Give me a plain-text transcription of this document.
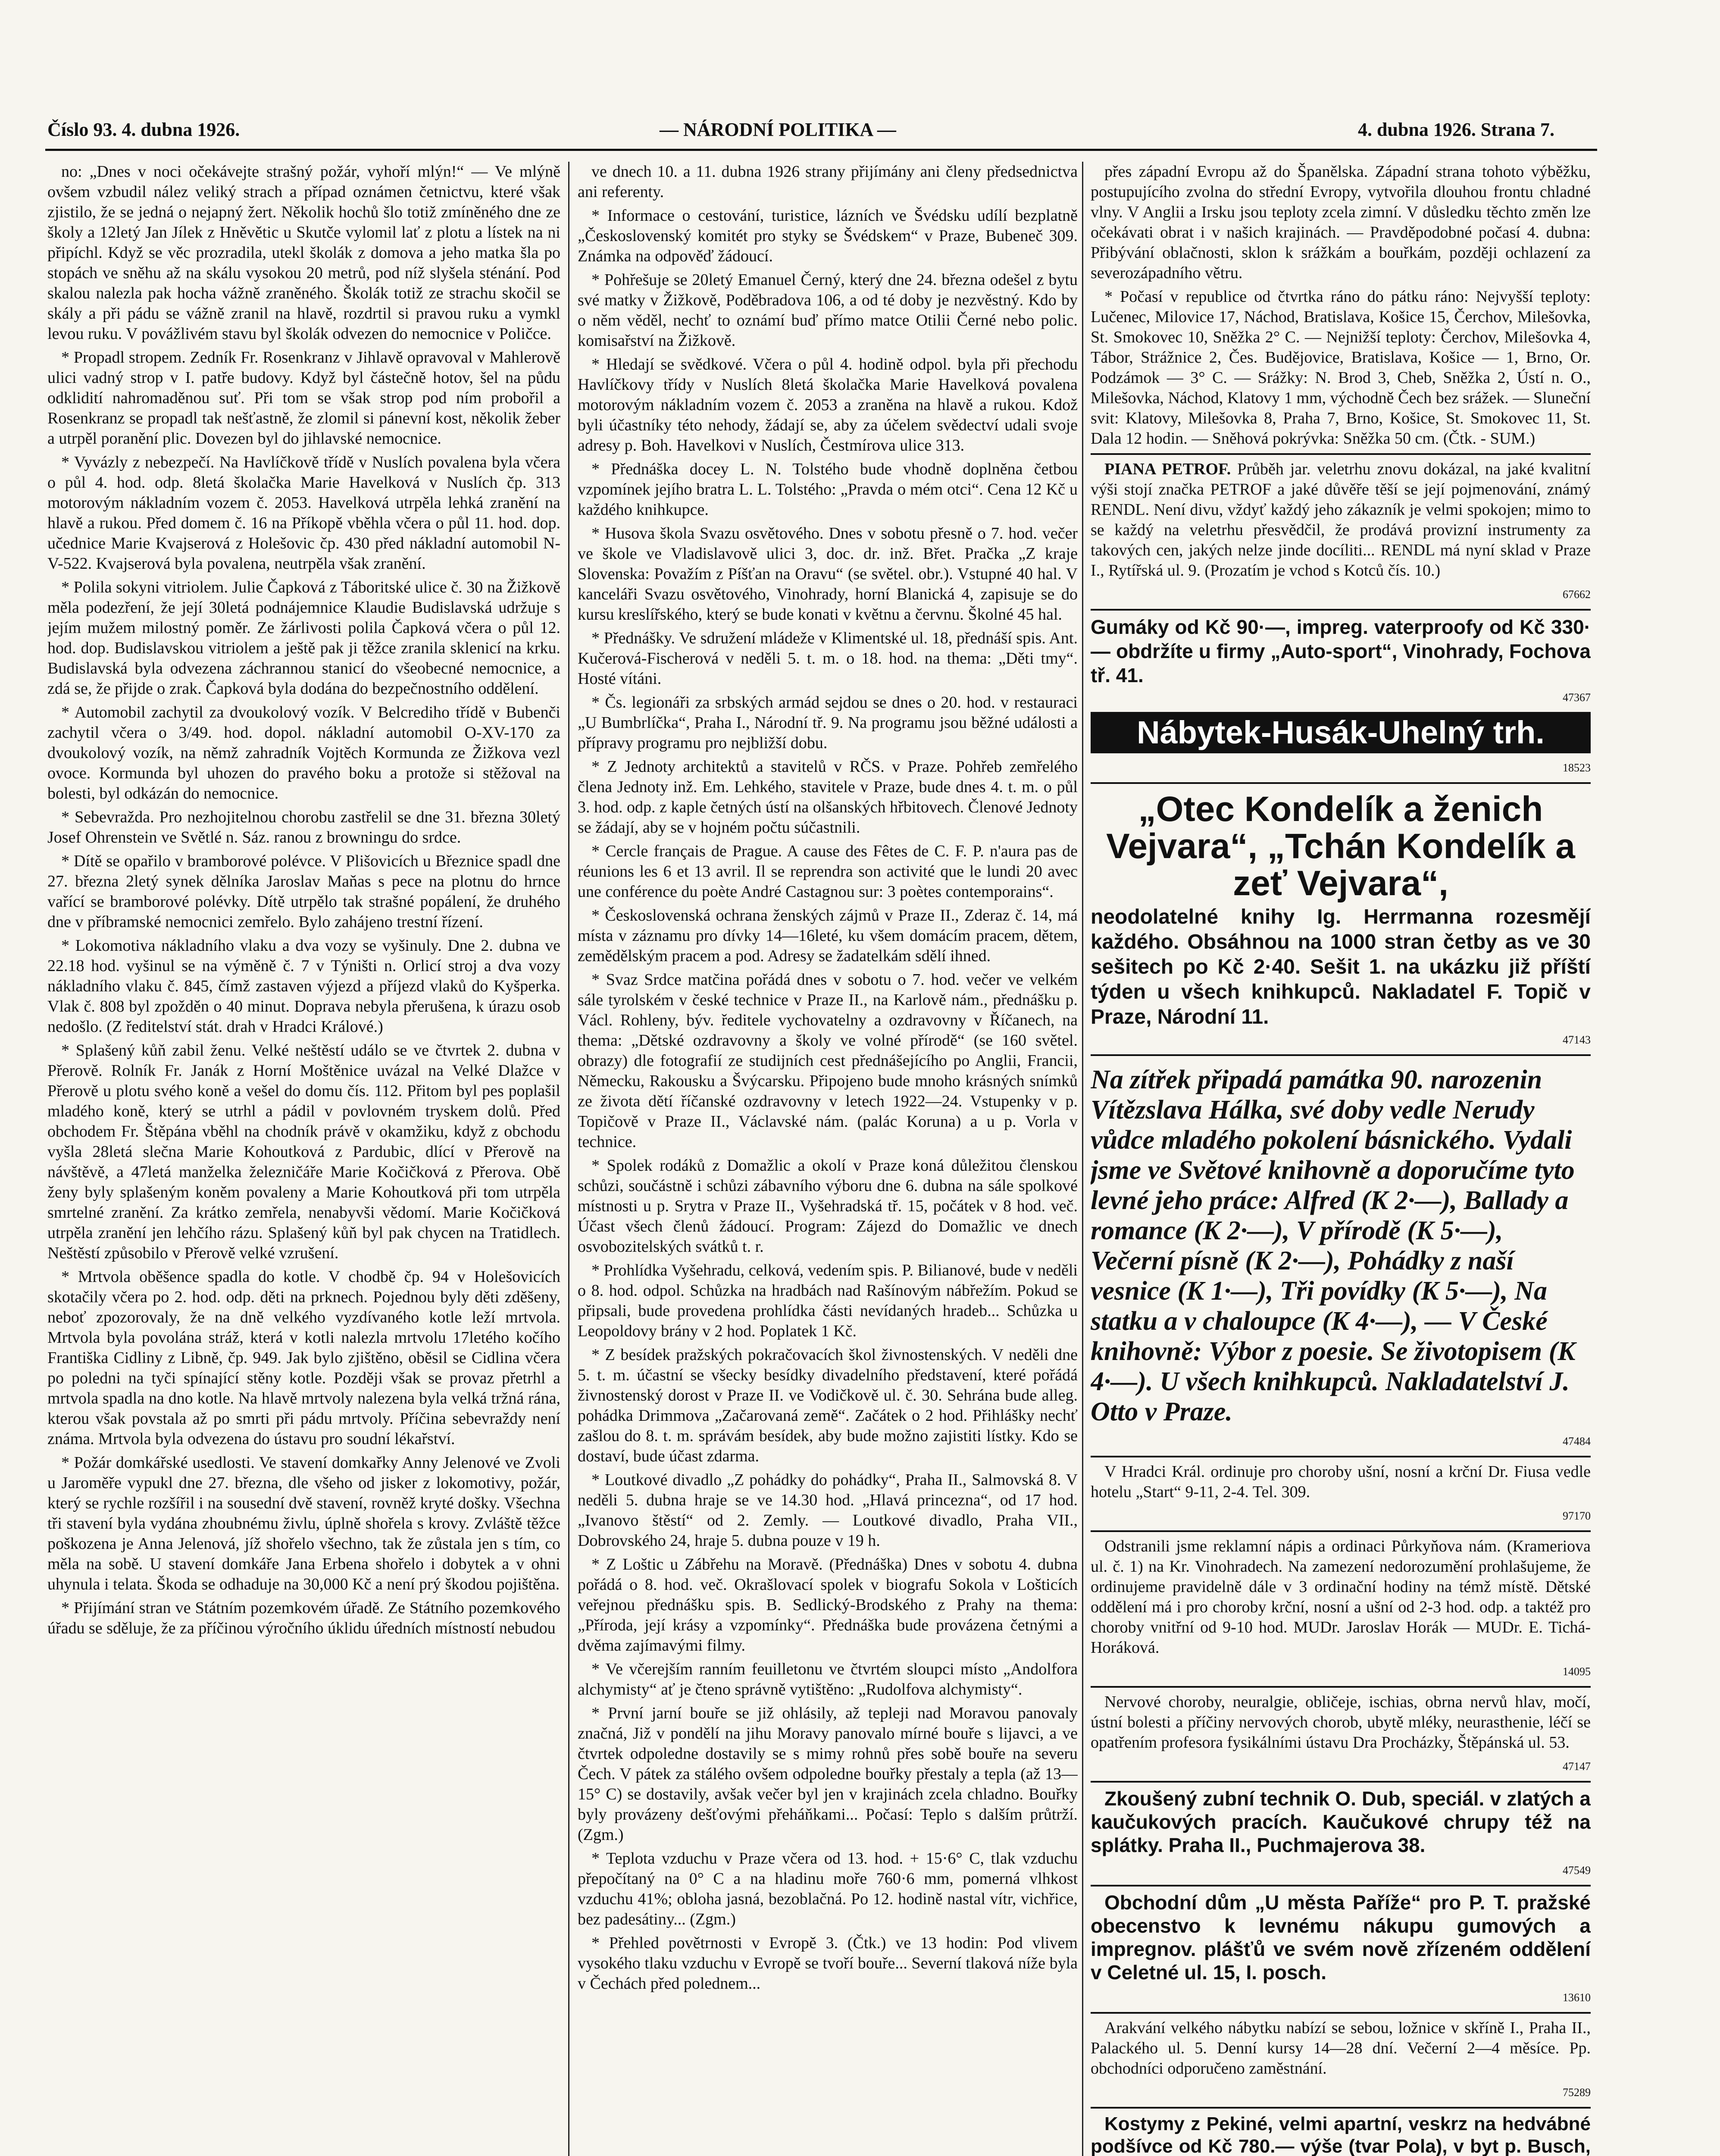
Číslo 93. 4. dubna 1926.	— NÁRODNÍ POLITIKA —	4. dubna 1926. Strana 7.

no: „Dnes v noci očekávejte strašný požár, vyhoří mlýn!“ — Ve mlýně ovšem vzbudil nález veliký strach a případ oznámen četnictvu, které však zjistilo, že se jedná o nejapný žert. Několik hochů šlo totiž zmíněného dne ze školy a 12letý Jan Jílek z Hněvětic u Skutče vylomil lať z plotu a lístek na ni připíchl. Když se věc prozradila, utekl školák z domova a jeho matka šla po stopách ve sněhu až na skálu vysokou 20 metrů, pod níž slyšela sténání. Pod skalou nalezla pak hocha vážně zraněného. Školák totiž ze strachu skočil se skály a při pádu se vážně zranil na hlavě, rozdrtil si pravou ruku a vymkl levou ruku. V povážlivém stavu byl školák odvezen do nemocnice v Poličce.

* Propadl stropem. Zedník Fr. Rosenkranz v Jihlavě opravoval v Mahlerově ulici vadný strop v I. patře budovy. Když byl částečně hotov, šel na půdu odklidití nahromaděnou suť. Při tom se však strop pod ním probořil a Rosenkranz se propadl tak nešťastně, že zlomil si pánevní kost, několik žeber a utrpěl poranění plic. Dovezen byl do jihlavské nemocnice.

* Vyvázly z nebezpečí. Na Havlíčkově třídě v Nuslích povalena byla včera o půl 4. hod. odp. 8letá školačka Marie Havelková v Nuslích čp. 313 motorovým nákladním vozem č. 2053. Havelková utrpěla lehká zranění na hlavě a rukou. Před domem č. 16 na Příkopě vběhla včera o půl 11. hod. dop. učednice Marie Kvajserová z Holešovic čp. 430 před nákladní automobil N-V-522. Kvajserová byla povalena, neutrpěla však zranění.

* Polila sokyni vitriolem. Julie Čapková z Táboritské ulice č. 30 na Žižkově měla podezření, že její 30letá podnájemnice Klaudie Budislavská udržuje s jejím mužem milostný poměr. Ze žárlivosti polila Čapková včera o půl 12. hod. dop. Budislavskou vitriolem a ještě pak ji těžce zranila sklenicí na krku. Budislavská byla odvezena záchrannou stanicí do všeobecné nemocnice, a zdá se, že přijde o zrak. Čapková byla dodána do bezpečnostního oddělení.

* Automobil zachytil za dvoukolový vozík. V Belcrediho třídě v Bubenči zachytil včera o 3/49. hod. dopol. nákladní automobil O-XV-170 za dvoukolový vozík, na němž zahradník Vojtěch Kormunda ze Žižkova vezl ovoce. Kormunda byl uhozen do pravého boku a protože si stěžoval na bolesti, byl odkázán do nemocnice.

* Sebevražda. Pro nezhojitelnou chorobu zastřelil se dne 31. března 30letý Josef Ohrenstein ve Světlé n. Sáz. ranou z browningu do srdce.

* Dítě se opařilo v bramborové polévce. V Plišovicích u Březnice spadl dne 27. března 2letý synek dělníka Jaroslav Maňas s pece na plotnu do hrnce vařící se bramborové polévky. Dítě utrpělo tak strašné popálení, že druhého dne v příbramské nemocnici zemřelo. Bylo zahájeno trestní řízení.

* Lokomotiva nákladního vlaku a dva vozy se vyšinuly. Dne 2. dubna ve 22.18 hod. vyšinul se na výměně č. 7 v Týništi n. Orlicí stroj a dva vozy nákladního vlaku č. 845, čímž zastaven výjezd a příjezd vlaků do Kyšperka. Vlak č. 808 byl zpožděn o 40 minut. Doprava nebyla přerušena, k úrazu osob nedošlo. (Z ředitelství stát. drah v Hradci Králové.)

* Splašený kůň zabil ženu. Velké neštěstí událo se ve čtvrtek 2. dubna v Přerově. Rolník Fr. Janák z Horní Moštěnice uvázal na Velké Dlažce v Přerově u plotu svého koně a vešel do domu čís. 112. Přitom byl pes poplašil mladého koně, který se utrhl a pádil v povlovném tryskem dolů. Před obchodem Fr. Štěpána vběhl na chodník právě v okamžiku, když z obchodu vyšla 28letá slečna Marie Kohoutková z Pardubic, dlící v Přerově na návštěvě, a 47letá manželka železničáře Marie Kočičková z Přerova. Obě ženy byly splašeným koněm povaleny a Marie Kohoutková při tom utrpěla smrtelné zranění. Za krátko zemřela, nenabyvši vědomí. Marie Kočičková utrpěla zranění jen lehčího rázu. Splašený kůň byl pak chycen na Tratidlech. Neštěstí způsobilo v Přerově velké vzrušení.

* Mrtvola oběšence spadla do kotle. V chodbě čp. 94 v Holešovicích skotačily včera po 2. hod. odp. děti na prknech. Pojednou byly děti zděšeny, neboť zpozorovaly, že na dně velkého vyzdívaného kotle leží mrtvola. Mrtvola byla povolána stráž, která v kotli nalezla mrtvolu 17letého kočího Františka Cidliny z Libně, čp. 949. Jak bylo zjištěno, oběsil se Cidlina včera po poledni na tyči spínající stěny kotle. Později však se provaz přetrhl a mrtvola spadla na dno kotle. Na hlavě mrtvoly nalezena byla velká tržná rána, kterou však povstala až po smrti při pádu mrtvoly. Příčina sebevraždy není známa. Mrtvola byla odvezena do ústavu pro soudní lékařství.

* Požár domkářské usedlosti. Ve stavení domkařky Anny Jelenové ve Zvoli u Jaroměře vypukl dne 27. března, dle všeho od jisker z lokomotivy, požár, který se rychle rozšířil i na sousední dvě stavení, rovněž kryté došky. Všechna tři stavení byla vydána zhoubnému živlu, úplně shořela s krovy. Zvláště těžce poškozena je Anna Jelenová, jíž shořelo všechno, tak že zůstala jen s tím, co měla na sobě. U stavení domkáře Jana Erbena shořelo i dobytek a v ohni uhynula i telata. Škoda se odhaduje na 30,000 Kč a není prý škodou pojištěna.

* Přijímání stran ve Státním pozemkovém úřadě. Ze Státního pozemkového úřadu se sděluje, že za příčinou výročního úklidu úředních místností nebudou

ve dnech 10. a 11. dubna 1926 strany přijímány ani členy předsednictva ani referenty.

* Informace o cestování, turistice, lázních ve Švédsku udílí bezplatně „Československý komitét pro styky se Švédskem“ v Praze, Bubeneč 309. Známka na odpověď žádoucí.

* Pohřešuje se 20letý Emanuel Černý, který dne 24. března odešel z bytu své matky v Žižkově, Poděbradova 106, a od té doby je nezvěstný. Kdo by o něm věděl, nechť to oznámí buď přímo matce Otilii Černé nebo polic. komisařství na Žižkově.

* Hledají se svědkové. Včera o půl 4. hodině odpol. byla při přechodu Havlíčkovy třídy v Nuslích 8letá školačka Marie Havelková povalena motorovým nákladním vozem č. 2053 a zraněna na hlavě a rukou. Kdož byli účastníky této nehody, žádají se, aby za účelem svědectví udali svoje adresy p. Boh. Havelkovi v Nuslích, Čestmírova ulice 313.

* Přednáška docey L. N. Tolstého bude vhodně doplněna četbou vzpomínek jejího bratra L. L. Tolstého: „Pravda o mém otci“. Cena 12 Kč u každého knihkupce.

* Husova škola Svazu osvětového. Dnes v sobotu přesně o 7. hod. večer ve škole ve Vladislavově ulici 3, doc. dr. inž. Břet. Pračka „Z kraje Slovenska: Považím z Píšťan na Oravu“ (se světel. obr.). Vstupné 40 hal. V kanceláři Svazu osvětového, Vinohrady, horní Blanická 4, zapisuje se do kursu kreslířského, který se bude konati v květnu a červnu. Školné 45 hal.

* Přednášky. Ve sdružení mládeže v Klimentské ul. 18, přednáší spis. Ant. Kučerová-Fischerová v neděli 5. t. m. o 18. hod. na thema: „Děti tmy“. Hosté vítáni.

* Čs. legionáři za srbských armád sejdou se dnes o 20. hod. v restauraci „U Bumbrlíčka“, Praha I., Národní tř. 9. Na programu jsou běžné události a přípravy programu pro nejbližší dobu.

* Z Jednoty architektů a stavitelů v RČS. v Praze. Pohřeb zemřelého člena Jednoty inž. Em. Lehkého, stavitele v Praze, bude dnes 4. t. m. o půl 3. hod. odp. z kaple četných ústí na olšanských hřbitovech. Členové Jednoty se žádají, aby se v hojném počtu súčastnili.

* Cercle français de Prague. A cause des Fêtes de C. F. P. n'aura pas de réunions les 6 et 13 avril. Il se reprendra son activité que le lundi 20 avec une conférence du poète André Castagnou sur: 3 poètes contemporains“.

* Československá ochrana ženských zájmů v Praze II., Zderaz č. 14, má místa v záznamu pro dívky 14—16leté, ku všem domácím pracem, dětem, zemědělským pracem a pod. Adresy se žadatelkám sdělí ihned.

* Svaz Srdce matčina pořádá dnes v sobotu o 7. hod. večer ve velkém sále tyrolském v české technice v Praze II., na Karlově nám., přednášku p. Václ. Rohleny, býv. ředitele vychovatelny a ozdravovny v Říčanech, na thema: „Dětské ozdravovny a školy ve volné přírodě“ (se 160 světel. obrazy) dle fotografií ze studijních cest přednášejícího po Anglii, Francii, Německu, Rakousku a Švýcarsku. Připojeno bude mnoho krásných snímků ze života dětí říčanské ozdravovny v letech 1922—24. Vstupenky v p. Topičově v Praze II., Václavské nám. (palác Koruna) a u p. Vorla v technice.

* Spolek rodáků z Domažlic a okolí v Praze koná důležitou členskou schůzi, součástně i schůzi zábavního výboru dne 6. dubna na sále spolkové místnosti u p. Srytra v Praze II., Vyšehradská tř. 15, počátek v 8 hod. več. Účast všech členů žádoucí. Program: Zájezd do Domažlic ve dnech osvobozitelských svátků t. r.

* Prohlídka Vyšehradu, celková, vedením spis. P. Bilianové, bude v neděli o 8. hod. odpol. Schůzka na hradbách nad Rašínovým nábřežím. Pokud se připsali, bude provedena prohlídka části nevídaných hradeb... Schůzka u Leopoldovy brány v 2 hod. Poplatek 1 Kč.

* Z besídek pražských pokračovacích škol živnostenských. V neděli dne 5. t. m. účastní se všecky besídky divadelního představení, které pořádá živnostenský dorost v Praze II. ve Vodičkově ul. č. 30. Sehrána bude alleg. pohádka Drimmova „Začarovaná země“. Začátek o 2 hod. Přihlášky nechť zašlou do 8. t. m. správám besídek, aby bude možno zajistiti lístky. Kdo se dostaví, bude účast zdarma.

* Loutkové divadlo „Z pohádky do pohádky“, Praha II., Salmovská 8. V neděli 5. dubna hraje se ve 14.30 hod. „Hlavá princezna“, od 17 hod. „Ivanovo štěstí“ od 2. Zemly. — Loutkové divadlo, Praha VII., Dobrovského 24, hraje 5. dubna pouze v 19 h.

* Z Loštic u Zábřehu na Moravě. (Přednáška) Dnes v sobotu 4. dubna pořádá o 8. hod. več. Okrašlovací spolek v biografu Sokola v Lošticích veřejnou přednášku spis. B. Sedlický-Brodského z Prahy na thema: „Příroda, její krásy a vzpomínky“. Přednáška bude provázena četnými a dvěma zajímavými filmy.

* Ve včerejším ranním feuilletonu ve čtvrtém sloupci místo „Andolfora alchymisty“ ať je čteno správně vytištěno: „Rudolfova alchymisty“.

* První jarní bouře se již ohlásily, až tepleji nad Moravou panovaly značná, Již v pondělí na jihu Moravy panovalo mírné bouře s lijavci, a ve čtvrtek odpoledne dostavily se s mimy rohnů přes sobě bouře na severu Čech. V pátek za stálého ovšem odpoledne bouřky přestaly a tepla (až 13—15° C) se dostavily, avšak večer byl jen v krajinách zcela chladno. Bouřky byly provázeny dešťovými přeháňkami... Počasí: Teplo s dalším průtrží. (Zgm.)

* Teplota vzduchu v Praze včera od 13. hod. + 15·6° C, tlak vzduchu přepočítaný na 0° C a na hladinu moře 760·6 mm, pomerná vlhkost vzduchu 41%; obloha jasná, bezoblačná. Po 12. hodině nastal vítr, vichřice, bez padesátiny... (Zgm.)

* Přehled povětrnosti v Evropě 3. (Čtk.) ve 13 hodin: Pod vlivem vysokého tlaku vzduchu v Evropě se tvoří bouře... Severní tlaková níže byla v Čechách před polednem...

přes západní Evropu až do Španělska. Západní strana tohoto výběžku, postupujícího zvolna do střední Evropy, vytvořila dlouhou frontu chladné vlny. V Anglii a Irsku jsou teploty zcela zimní. V důsledku těchto změn lze očekávati obrat i v našich krajinách. — Pravděpodobné počasí 4. dubna: Přibývání oblačnosti, sklon k srážkám a bouřkám, později ochlazení za severozápadního větru.

* Počasí v republice od čtvrtka ráno do pátku ráno: Nejvyšší teploty: Lučenec, Milovice 17, Náchod, Bratislava, Košice 15, Čerchov, Milešovka, St. Smokovec 10, Sněžka 2° C. — Nejnižší teploty: Čerchov, Milešovka 4, Tábor, Strážnice 2, Čes. Budějovice, Bratislava, Košice — 1, Brno, Or. Podzámok — 3° C. — Srážky: N. Brod 3, Cheb, Sněžka 2, Ústí n. O., Milešovka, Náchod, Klatovy 1 mm, východně Čech bez srážek. — Sluneční svit: Klatovy, Milešovka 8, Praha 7, Brno, Košice, St. Smokovec 11, St. Dala 12 hodin. — Sněhová pokrývka: Sněžka 50 cm. (Čtk. - SUM.)

PIANA PETROF. Průběh jar. veletrhu znovu dokázal, na jaké kvalitní výši stojí značka PETROF a jaké důvěře těší se její pojmenování, známý RENDL. Není divu, vždyť každý jeho zákazník je velmi spokojen; mimo to se každý na veletrhu přesvědčil, že prodává provizní instrumenty za takových cen, jakých nelze jinde docíliti... RENDL má nyní sklad v Praze I., Rytířská ul. 9. (Prozatím je vchod s Kotců čís. 10.)

67662
Gumáky od Kč 90·—, impreg. vaterproofy od Kč 330·— obdržíte u firmy „Auto-sport“, Vinohrady, Fochova tř. 41.
47367
Nábytek-Husák-Uhelný trh.
18523
„Otec Kondelík a ženich Vejvara“, „Tchán Kondelík a zeť Vejvara“,
neodolatelné knihy Ig. Herrmanna rozesmějí každého. Obsáhnou na 1000 stran četby as ve 30 sešitech po Kč 2·40. Sešit 1. na ukázku již příští týden u všech knihkupců. Nakladatel F. Topič v Praze, Národní 11.
47143
Na zítřek připadá památka 90. narozenin Vítězslava Hálka, své doby vedle Nerudy vůdce mladého pokolení básnického. Vydali jsme ve Světové knihovně a doporučíme tyto levné jeho práce: Alfred (K 2·—), Ballady a romance (K 2·—), V přírodě (K 5·—), Večerní písně (K 2·—), Pohádky z naší vesnice (K 1·—), Tři povídky (K 5·—), Na statku a v chaloupce (K 4·—), — V České knihovně: Výbor z poesie. Se životopisem (K 4·—). U všech knihkupců. Nakladatelství J. Otto v Praze.
47484

V Hradci Král. ordinuje pro choroby ušní, nosní a krční Dr. Fiusa vedle hotelu „Start“ 9-11, 2-4. Tel. 309.

97170

Odstranili jsme reklamní nápis a ordinaci Půrkyňova nám. (Krameriova ul. č. 1) na Kr. Vinohradech. Na zamezení nedorozumění prohlašujeme, že ordinujeme pravidelně dále v 3 ordinační hodiny na témž místě. Dětské oddělení má i pro choroby krční, nosní a ušní od 2-3 hod. odp. a taktéž pro choroby vnitřní od 9-10 hod. MUDr. Jaroslav Horák — MUDr. E. Tichá-Horáková.

14095

Nervové choroby, neuralgie, obličeje, ischias, obrna nervů hlav, močí, ústní bolesti a příčiny nervových chorob, ubytě mléky, neurasthenie, léčí se opatřením profesora fysikálními ústavu Dra Procházky, Štěpánská ul. 53.

47147

Zkoušený zubní technik O. Dub, speciál. v zlatých a kaučukových pracích. Kaučukové chrupy též na splátky. Praha II., Puchmajerova 38.

47549

Obchodní dům „U města Paříže“ pro P. T. pražské obecenstvo k levnému nákupu gumových a impregnov. plášťů ve svém nově zřízeném oddělení v Celetné ul. 15, I. posch.

13610

Arakvání velkého nábytku nabízí se sebou, ložnice v skříně I., Praha II., Palackého ul. 5. Denní kursy 14—28 dní. Večerní 2—4 měsíce. Pp. obchodníci odporučeno zaměstnání.

75289

Kostymy z Pekiné, velmi apartní, veskrz na hedvábné podšívce od Kč 780.— výše (tvar Pola), v byt p. Busch,
